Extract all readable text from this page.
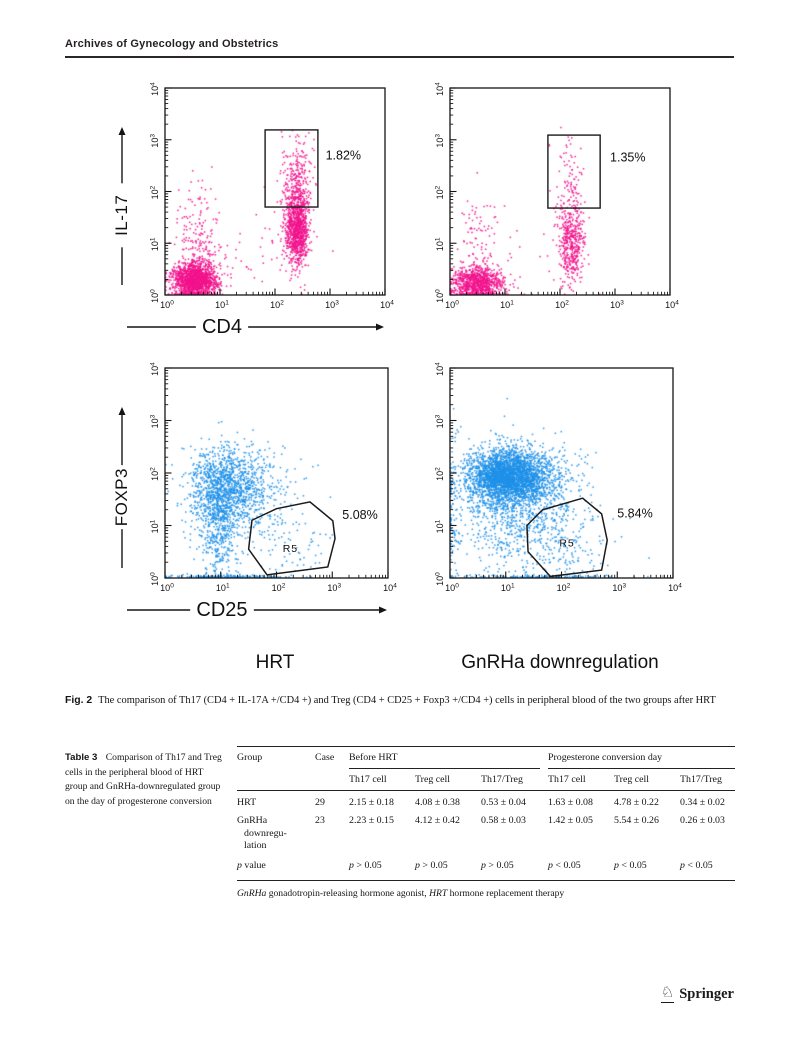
Archives of Gynecology and Obstetrics
$10^0$
$10^0$
$10^1$
$10^1$
$10^2$
$10^2$
$10^3$
$10^3$
$10^4$
$10^4$
1.82%
IL-17
CD4
$10^0$
$10^0$
$10^1$
$10^1$
$10^2$
$10^2$
$10^3$
$10^3$
$10^4$
$10^4$
1.35%
$10^0$
$10^0$
$10^1$
$10^1$
$10^2$
$10^2$
$10^3$
$10^3$
$10^4$
$10^4$
R5
5.08%
FOXP3
CD25
$10^0$
$10^0$
$10^1$
$10^1$
$10^2$
$10^2$
$10^3$
$10^3$
$10^4$
$10^4$
R5
5.84%
HRT	GnRHa downregulation
Fig. 2 The comparison of Th17 (CD4 + IL-17A +/CD4 +) and Treg (CD4 + CD25 + Foxp3 +/CD4 +) cells in peripheral blood of the two groups after HRT
Table 3 Comparison of Th17 and Treg cells in the peripheral blood of HRT group and GnRHa-downregulated group on the day of progesterone conversion
Group	Case	Before HRT			Progesterone conversion day		

		Th17 cell	Treg cell	Th17/Treg	Th17 cell	Treg cell	Th17/Treg
HRT	29	2.15 ± 0.18	4.08 ± 0.38	0.53 ± 0.04	1.63 ± 0.08	4.78 ± 0.22	0.34 ± 0.02

GnRHa
downregu-
lation	23	2.23 ± 0.15	4.12 ± 0.42	0.58 ± 0.03	1.42 ± 0.05	5.54 ± 0.26	0.26 ± 0.03
p value		p > 0.05	p > 0.05	p > 0.05	p < 0.05	p < 0.05	p < 0.05
GnRHa gonadotropin-releasing hormone agonist, HRT hormone replacement therapy
♘ Springer
